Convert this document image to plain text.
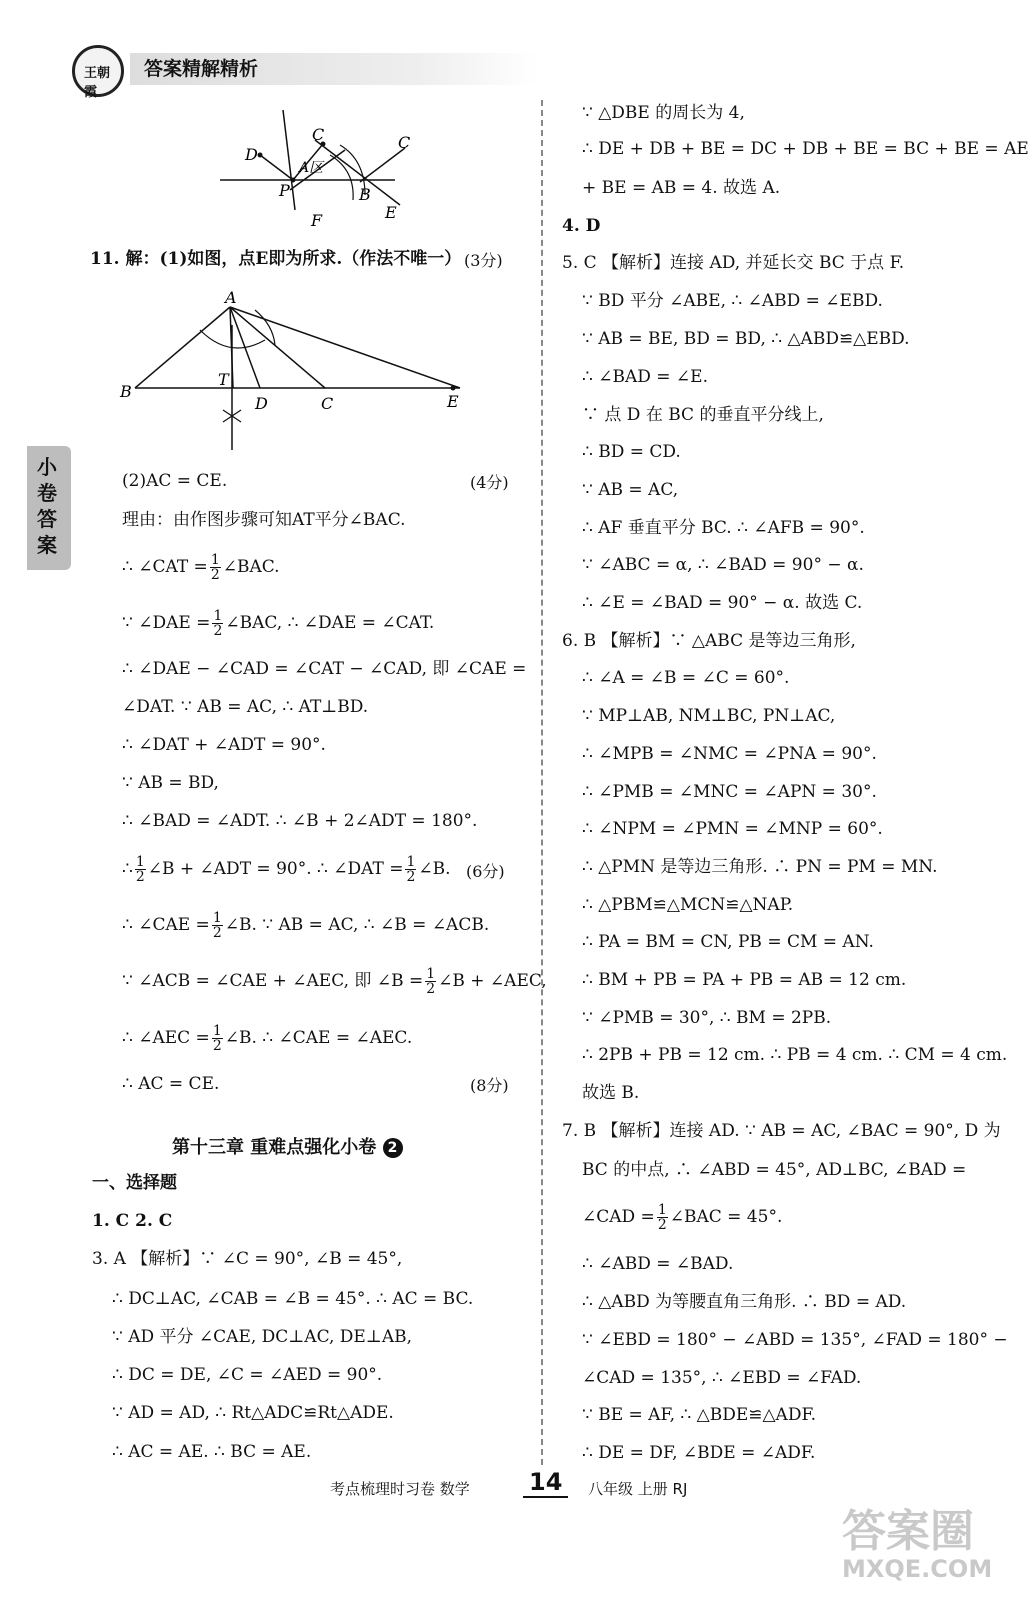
王朝霞
答案精解精析
小卷答案
D
C	C
A区
P	B
F	E
A
B
T
D	C	E
11. 解：(1)如图，点E即为所求.（作法不唯一） (3分)
(2)AC = CE.	(4分)
理由：由作图步骤可知AT平分∠BAC.
∴ ∠CAT = $\frac{1}{2}$ ∠BAC.
∵ ∠DAE = $\frac{1}{2}$ ∠BAC, ∴ ∠DAE = ∠CAT.
∴ ∠DAE − ∠CAD = ∠CAT − ∠CAD, 即 ∠CAE =
∠DAT. ∵ AB = AC, ∴ AT⊥BD.
∴ ∠DAT + ∠ADT = 90°.
∵ AB = BD,
∴ ∠BAD = ∠ADT. ∴ ∠B + 2∠ADT = 180°.
∴ $\frac{1}{2}$ ∠B + ∠ADT = 90°. ∴ ∠DAT = $\frac{1}{2}$ ∠B. (6分)
∴ ∠CAE = $\frac{1}{2}$ ∠B. ∵ AB = AC, ∴ ∠B = ∠ACB.
∵ ∠ACB = ∠CAE + ∠AEC, 即 ∠B = $\frac{1}{2}$ ∠B + ∠AEC,
∴ ∠AEC = $\frac{1}{2}$ ∠B. ∴ ∠CAE = ∠AEC.
∴ AC = CE.	(8分)
第十三章 重难点强化小卷 2
一、选择题
1. C 2. C
3. A 【解析】∵ ∠C = 90°, ∠B = 45°,
∴ DC⊥AC, ∠CAB = ∠B = 45°. ∴ AC = BC.
∵ AD 平分 ∠CAE, DC⊥AC, DE⊥AB,
∴ DC = DE, ∠C = ∠AED = 90°.
∵ AD = AD, ∴ Rt△ADC≌Rt△ADE.
∴ AC = AE. ∴ BC = AE.
∵ △DBE 的周长为 4,
∴ DE + DB + BE = DC + DB + BE = BC + BE = AE
+ BE = AB = 4. 故选 A.
4. D
5. C 【解析】连接 AD, 并延长交 BC 于点 F.
∵ BD 平分 ∠ABE, ∴ ∠ABD = ∠EBD.
∵ AB = BE, BD = BD, ∴ △ABD≌△EBD.
∴ ∠BAD = ∠E.
∵ 点 D 在 BC 的垂直平分线上,
∴ BD = CD.
∵ AB = AC,
∴ AF 垂直平分 BC. ∴ ∠AFB = 90°.
∵ ∠ABC = α, ∴ ∠BAD = 90° − α.
∴ ∠E = ∠BAD = 90° − α. 故选 C.
6. B 【解析】∵ △ABC 是等边三角形,
∴ ∠A = ∠B = ∠C = 60°.
∵ MP⊥AB, NM⊥BC, PN⊥AC,
∴ ∠MPB = ∠NMC = ∠PNA = 90°.
∴ ∠PMB = ∠MNC = ∠APN = 30°.
∴ ∠NPM = ∠PMN = ∠MNP = 60°.
∴ △PMN 是等边三角形. ∴ PN = PM = MN.
∴ △PBM≌△MCN≌△NAP.
∴ PA = BM = CN, PB = CM = AN.
∴ BM + PB = PA + PB = AB = 12 cm.
∵ ∠PMB = 30°, ∴ BM = 2PB.
∴ 2PB + PB = 12 cm. ∴ PB = 4 cm. ∴ CM = 4 cm.
故选 B.
7. B 【解析】连接 AD. ∵ AB = AC, ∠BAC = 90°, D 为
BC 的中点, ∴ ∠ABD = 45°, AD⊥BC, ∠BAD =
∠CAD = $\frac{1}{2}$ ∠BAC = 45°.
∴ ∠ABD = ∠BAD.
∴ △ABD 为等腰直角三角形. ∴ BD = AD.
∵ ∠EBD = 180° − ∠ABD = 135°, ∠FAD = 180° −
∠CAD = 135°, ∴ ∠EBD = ∠FAD.
∵ BE = AF, ∴ △BDE≌△ADF.
∴ DE = DF, ∠BDE = ∠ADF.
考点梳理时习卷 数学 14	八年级 上册 RJ
答案圈
MXQE.COM
